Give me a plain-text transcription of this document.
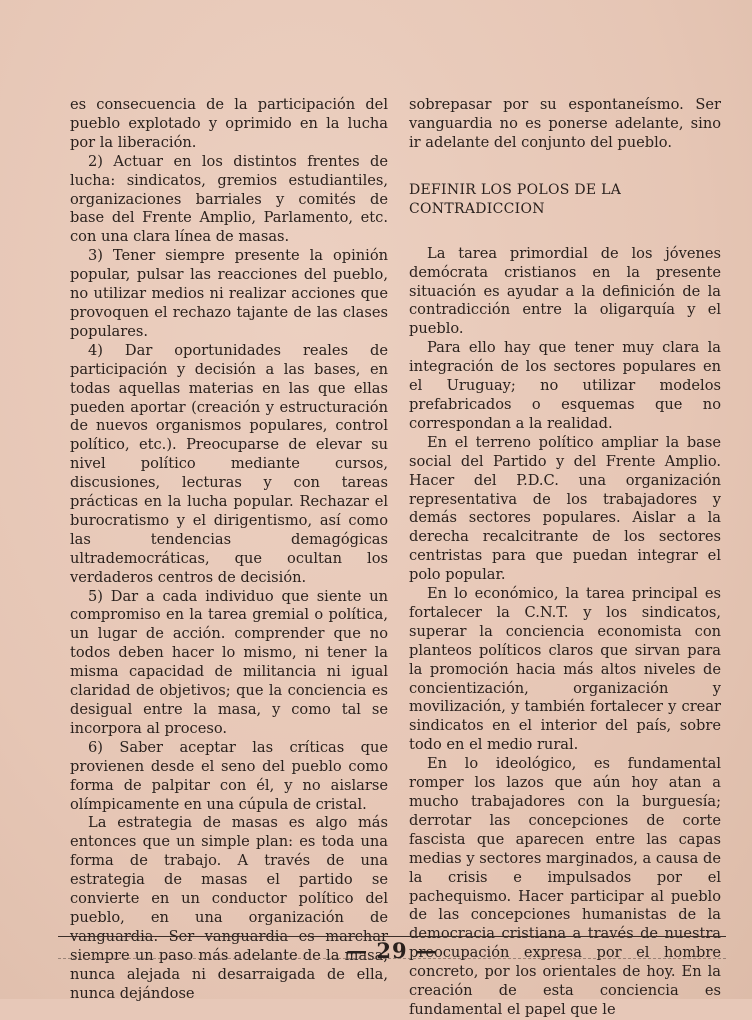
es consecuencia de la participación del pueblo explotado y oprimido en la lucha por la liberación.

2) Actuar en los distintos frentes de lucha: sindicatos, gremios estudiantiles, organizaciones barriales y comités de base del Frente Amplio, Parlamento, etc. con una clara línea de masas.

3) Tener siempre presente la opinión popular, pulsar las reacciones del pueblo, no utilizar medios ni realizar acciones que provoquen el rechazo tajante de las clases populares.

4) Dar oportunidades reales de participación y decisión a las bases, en todas aquellas materias en las que ellas pueden aportar (creación y estructuración de nuevos organismos populares, control político, etc.). Preocuparse de elevar su nivel político mediante cursos, discusiones, lecturas y con tareas prácticas en la lucha popular. Rechazar el burocratismo y el dirigentismo, así como las tendencias demagógicas ultrademocráticas, que ocultan los verdaderos centros de decisión.

5) Dar a cada individuo que siente un compromiso en la tarea gremial o política, un lugar de acción. comprender que no todos deben hacer lo mismo, ni tener la misma capacidad de militancia ni igual claridad de objetivos; que la conciencia es desigual entre la masa, y como tal se incorpora al proceso.

6) Saber aceptar las críticas que provienen desde el seno del pueblo como forma de palpitar con él, y no aislarse olímpicamente en una cúpula de cristal.

La estrategia de masas es algo más entonces que un simple plan: es toda una forma de trabajo. A través de una estrategia de masas el partido se convierte en un conductor político del pueblo, en una organización de vanguardia. Ser vanguardia es marchar siempre un paso más adelante de la masa, nunca alejada ni desarraigada de ella, nunca dejándose

sobrepasar por su espontaneísmo. Ser vanguardia no es ponerse adelante, sino ir adelante del conjunto del pueblo.

DEFINIR LOS POLOS DE LA CONTRADICCION

La tarea primordial de los jóvenes demócrata cristianos en la presente situación es ayudar a la definición de la contradicción entre la oligarquía y el pueblo.

Para ello hay que tener muy clara la integración de los sectores populares en el Uruguay; no utilizar modelos prefabricados o esquemas que no correspondan a la realidad.

En el terreno político ampliar la base social del Partido y del Frente Amplio. Hacer del P.D.C. una organización representativa de los trabajadores y demás sectores populares. Aislar a la derecha recalcitrante de los sectores centristas para que puedan integrar el polo popular.

En lo económico, la tarea principal es fortalecer la C.N.T. y los sindicatos, superar la conciencia economista con planteos políticos claros que sirvan para la promoción hacia más altos niveles de concientización, organización y movilización, y también fortalecer y crear sindicatos en el interior del país, sobre todo en el medio rural.

En lo ideológico, es fundamental romper los lazos que aún hoy atan a mucho trabajadores con la burguesía; derrotar las concepciones de corte fascista que aparecen entre las capas medias y sectores marginados, a causa de la crisis e impulsados por el pachequismo. Hacer participar al pueblo de las concepciones humanistas de la democracia cristiana a través de nuestra preocupación expresa por el hombre concreto, por los orientales de hoy. En la creación de esta conciencia es fundamental el papel que le

— 29 —
